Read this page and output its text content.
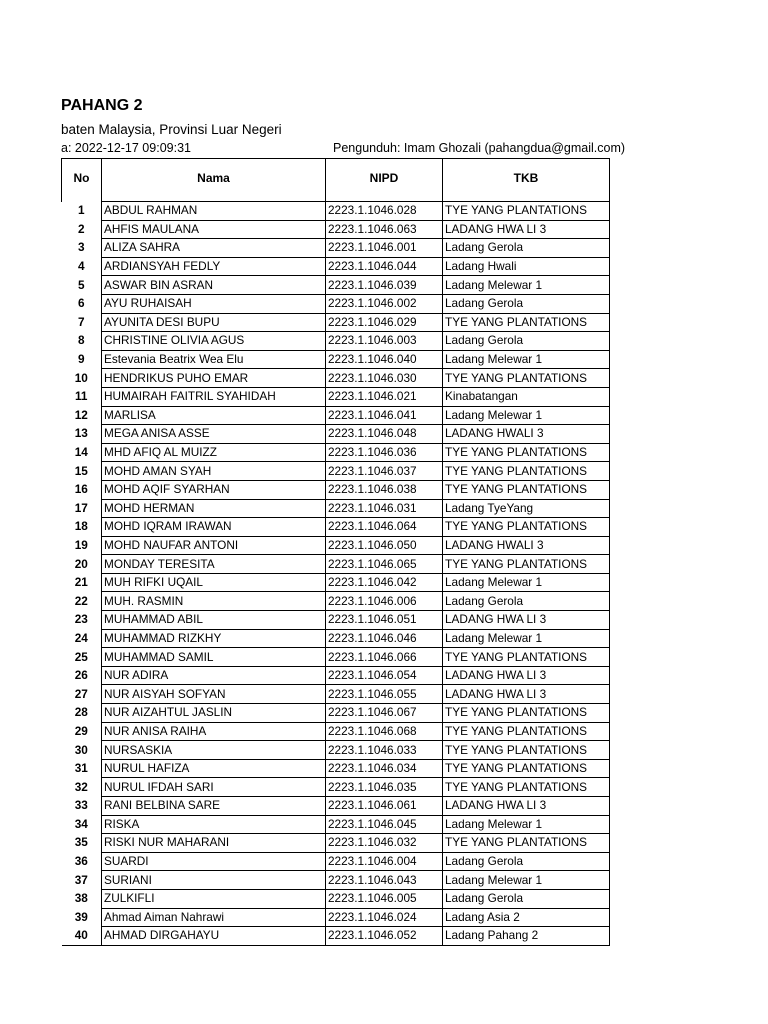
PAHANG 2
baten Malaysia, Provinsi Luar Negeri
a: 2022-12-17 09:09:31	Pengunduh: Imam Ghozali (pahangdua@gmail.com)
No	Nama	NIPD	TKB

1	ABDUL RAHMAN	2223.1.1046.028	TYE YANG PLANTATIONS
2	AHFIS MAULANA	2223.1.1046.063	LADANG HWA LI 3
3	ALIZA SAHRA	2223.1.1046.001	Ladang Gerola
4	ARDIANSYAH FEDLY	2223.1.1046.044	Ladang Hwali
5	ASWAR BIN ASRAN	2223.1.1046.039	Ladang Melewar 1
6	AYU RUHAISAH	2223.1.1046.002	Ladang Gerola
7	AYUNITA DESI BUPU	2223.1.1046.029	TYE YANG PLANTATIONS
8	CHRISTINE OLIVIA AGUS	2223.1.1046.003	Ladang Gerola
9	Estevania Beatrix Wea Elu	2223.1.1046.040	Ladang Melewar 1
10	HENDRIKUS PUHO EMAR	2223.1.1046.030	TYE YANG PLANTATIONS
11	HUMAIRAH FAITRIL SYAHIDAH	2223.1.1046.021	Kinabatangan
12	MARLISA	2223.1.1046.041	Ladang Melewar 1
13	MEGA ANISA ASSE	2223.1.1046.048	LADANG HWALI 3
14	MHD AFIQ AL MUIZZ	2223.1.1046.036	TYE YANG PLANTATIONS
15	MOHD AMAN SYAH	2223.1.1046.037	TYE YANG PLANTATIONS
16	MOHD AQIF SYARHAN	2223.1.1046.038	TYE YANG PLANTATIONS
17	MOHD HERMAN	2223.1.1046.031	Ladang TyeYang
18	MOHD IQRAM IRAWAN	2223.1.1046.064	TYE YANG PLANTATIONS
19	MOHD NAUFAR ANTONI	2223.1.1046.050	LADANG HWALI 3
20	MONDAY TERESITA	2223.1.1046.065	TYE YANG PLANTATIONS
21	MUH RIFKI UQAIL	2223.1.1046.042	Ladang Melewar 1
22	MUH. RASMIN	2223.1.1046.006	Ladang Gerola
23	MUHAMMAD ABIL	2223.1.1046.051	LADANG HWA LI 3
24	MUHAMMAD RIZKHY	2223.1.1046.046	Ladang Melewar 1
25	MUHAMMAD SAMIL	2223.1.1046.066	TYE YANG PLANTATIONS
26	NUR ADIRA	2223.1.1046.054	LADANG HWA LI 3
27	NUR AISYAH SOFYAN	2223.1.1046.055	LADANG HWA LI 3
28	NUR AIZAHTUL JASLIN	2223.1.1046.067	TYE YANG PLANTATIONS
29	NUR ANISA RAIHA	2223.1.1046.068	TYE YANG PLANTATIONS
30	NURSASKIA	2223.1.1046.033	TYE YANG PLANTATIONS
31	NURUL HAFIZA	2223.1.1046.034	TYE YANG PLANTATIONS
32	NURUL IFDAH SARI	2223.1.1046.035	TYE YANG PLANTATIONS
33	RANI BELBINA SARE	2223.1.1046.061	LADANG HWA LI 3
34	RISKA	2223.1.1046.045	Ladang Melewar 1
35	RISKI NUR MAHARANI	2223.1.1046.032	TYE YANG PLANTATIONS
36	SUARDI	2223.1.1046.004	Ladang Gerola
37	SURIANI	2223.1.1046.043	Ladang Melewar 1
38	ZULKIFLI	2223.1.1046.005	Ladang Gerola
39	Ahmad Aiman Nahrawi	2223.1.1046.024	Ladang Asia 2
40	AHMAD DIRGAHAYU	2223.1.1046.052	Ladang Pahang 2
